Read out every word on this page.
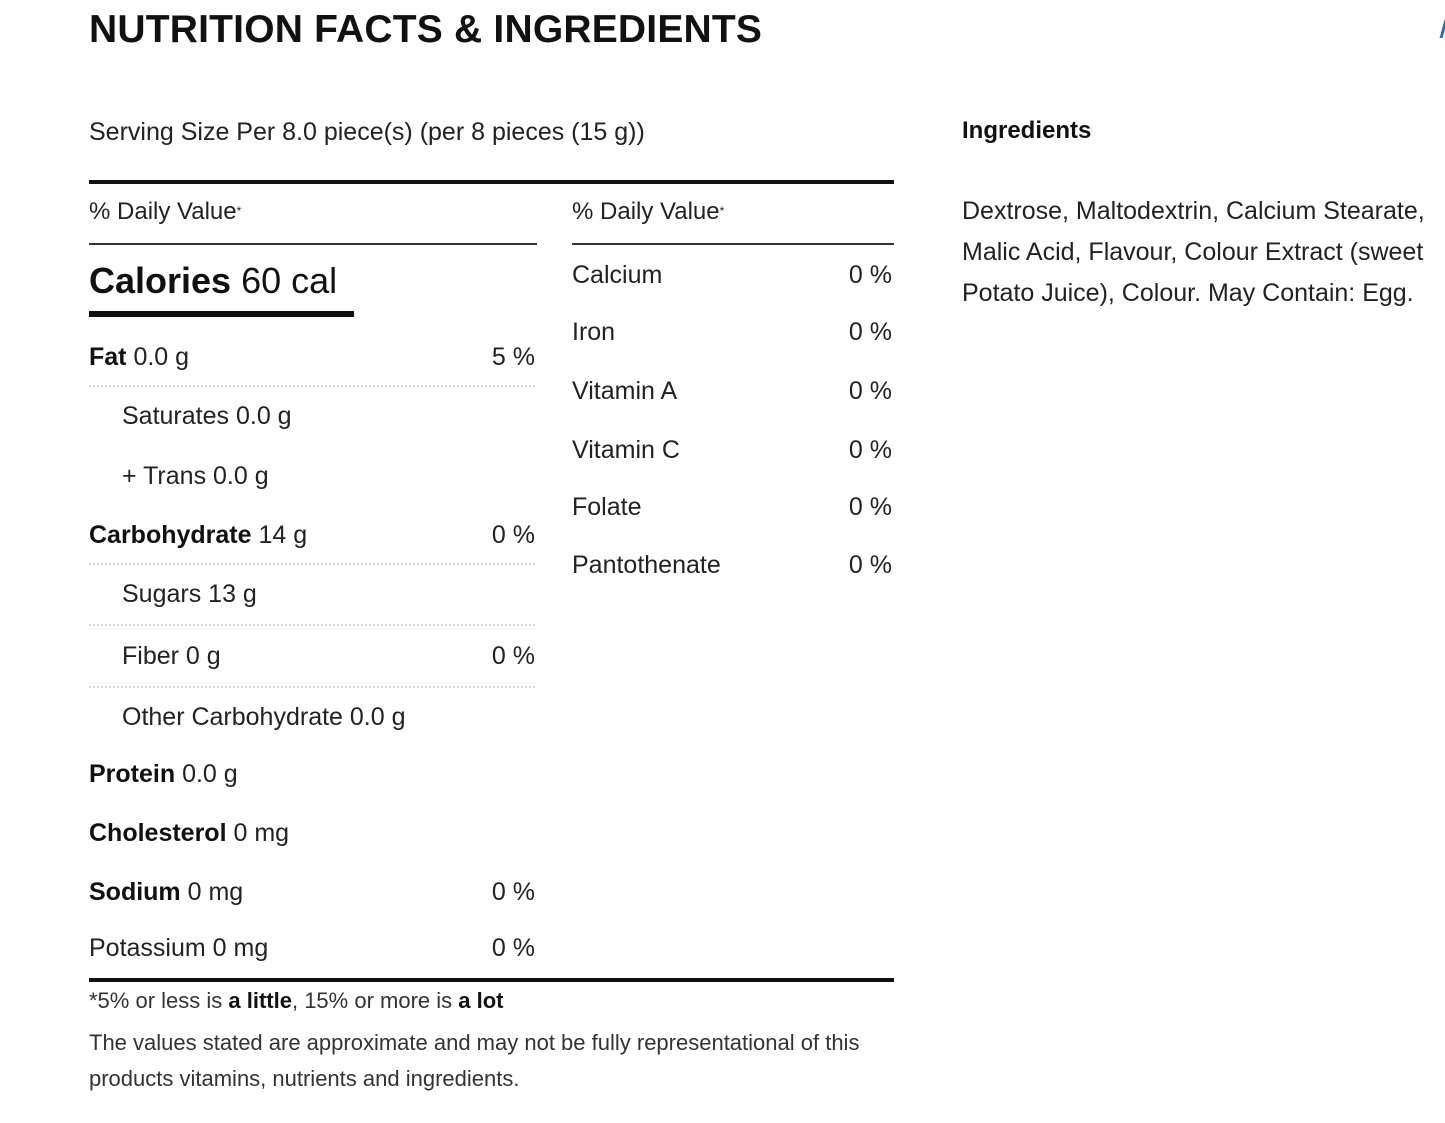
NUTRITION FACTS & INGREDIENTS
Serving Size Per 8.0 piece(s) (per 8 pieces (15 g))
% Daily Value*	% Daily Value*
Calories 60 cal
Fat 0.0 g	5 %
Saturates 0.0 g
+ Trans 0.0 g
Carbohydrate 14 g	0 %
Sugars 13 g
Fiber 0 g	0 %
Other Carbohydrate 0.0 g
Protein 0.0 g
Cholesterol 0 mg
Sodium 0 mg	0 %
Potassium 0 mg	0 %
Calcium	0 %
Iron	0 %
Vitamin A	0 %
Vitamin C	0 %
Folate	0 %
Pantothenate	0 %
*5% or less is a little, 15% or more is a lot
The values stated are approximate and may not be fully representational of this products vitamins, nutrients and ingredients.
Ingredients
Dextrose, Maltodextrin, Calcium Stearate, Malic Acid, Flavour, Colour Extract (sweet Potato Juice), Colour. May Contain: Egg.
